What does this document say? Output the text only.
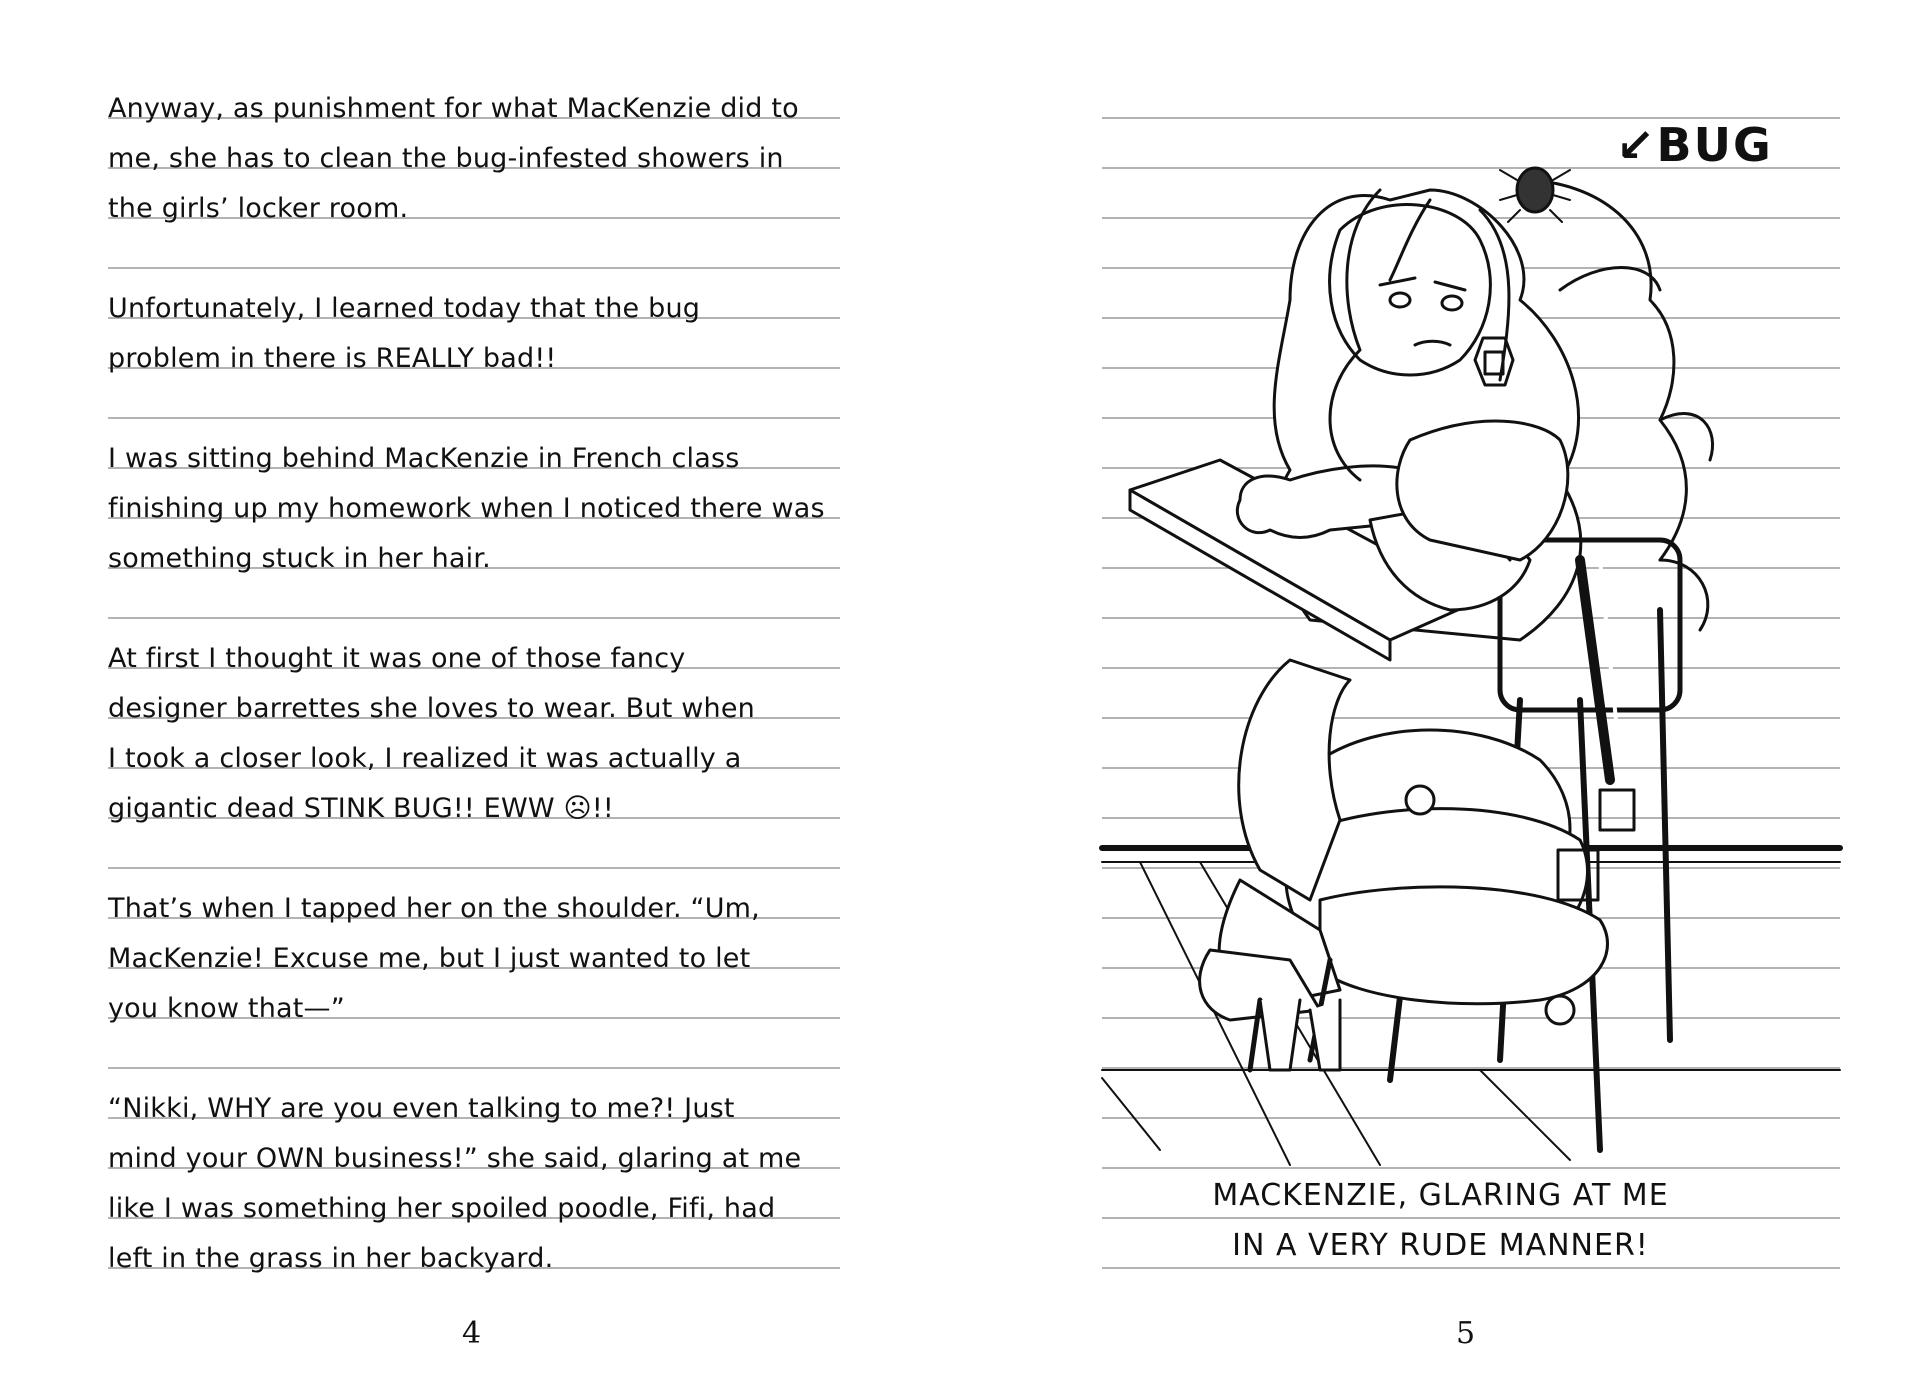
Anyway, as punishment for what MacKenzie did to
me, she has to clean the bug-infested showers in
the girls’ locker room.
Unfortunately, I learned today that the bug
problem in there is REALLY bad!!
I was sitting behind MacKenzie in French class
finishing up my homework when I noticed there was
something stuck in her hair.
At first I thought it was one of those fancy
designer barrettes she loves to wear. But when
I took a closer look, I realized it was actually a
gigantic dead STINK BUG!! EWW ☹!!
That’s when I tapped her on the shoulder. “Um,
MacKenzie! Excuse me, but I just wanted to let
you know that—”
“Nikki, WHY are you even talking to me?! Just
mind your OWN business!” she said, glaring at me
like I was something her spoiled poodle, Fifi, had
left in the grass in her backyard.
4
↙BUG
MACKENZIE, GLARING AT ME
IN A VERY RUDE MANNER!
5
